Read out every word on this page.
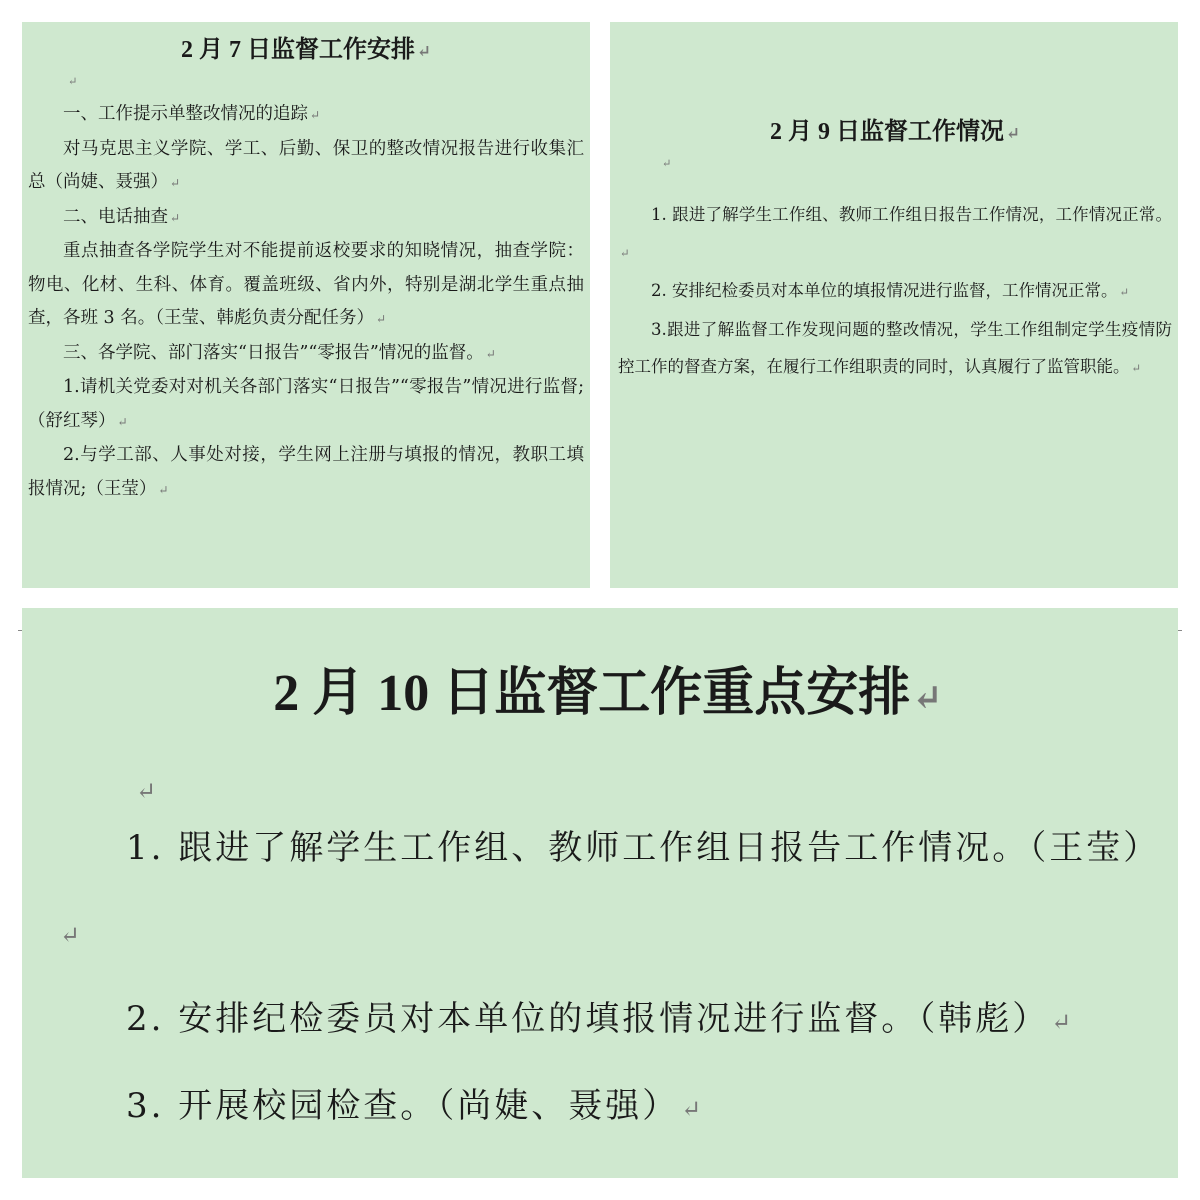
2 月 7 日监督工作安排 ↵

↵

一、工作提示单整改情况的追踪 ↵

对马克思主义学院、学工、后勤、保卫的整改情况报告进行收集汇总（尚婕、聂强） ↵

二、电话抽查 ↵

重点抽查各学院学生对不能提前返校要求的知晓情况，抽查学院：物电、化材、生科、体育。覆盖班级、省内外，特别是湖北学生重点抽查，各班 3 名。（王莹、韩彪负责分配任务） ↵

三、各学院、部门落实“日报告”“零报告”情况的监督。 ↵

1.请机关党委对对机关各部门落实“日报告”“零报告”情况进行监督;（舒红琴） ↵

2.与学工部、人事处对接，学生网上注册与填报的情况，教职工填报情况;（王莹） ↵

2 月 9 日监督工作情况 ↵

↵

1. 跟进了解学生工作组、教师工作组日报告工作情况，工作情况正常。↵

2. 安排纪检委员对本单位的填报情况进行监督，工作情况正常。 ↵

3.跟进了解监督工作发现问题的整改情况，学生工作组制定学生疫情防控工作的督查方案，在履行工作组职责的同时，认真履行了监管职能。 ↵

2 月 10 日监督工作重点安排↵

↵

1. 跟进了解学生工作组、教师工作组日报告工作情况。（王莹）↵

2. 安排纪检委员对本单位的填报情况进行监督。（韩彪）↵

3. 开展校园检查。（尚婕、聂强）↵
